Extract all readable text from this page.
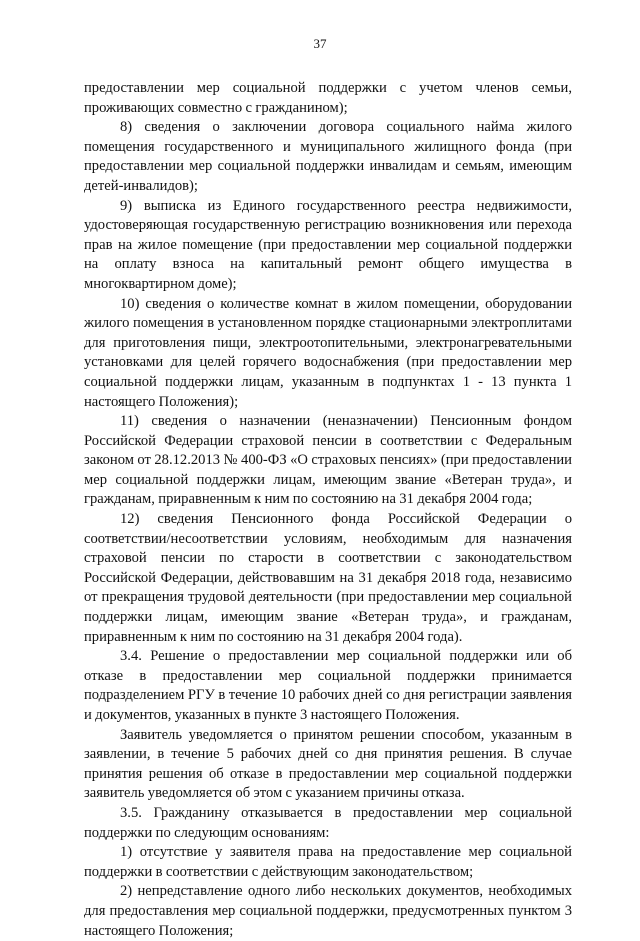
37

предоставлении мер социальной поддержки с учетом членов семьи, проживающих совместно с гражданином);

8) сведения о заключении договора социального найма жилого помещения государственного и муниципального жилищного фонда (при предоставлении мер социальной поддержки инвалидам и семьям, имеющим детей-инвалидов);

9) выписка из Единого государственного реестра недвижимости, удостоверяющая государственную регистрацию возникновения или перехода прав на жилое помещение (при предоставлении мер социальной поддержки на оплату взноса на капитальный ремонт общего имущества в многоквартирном доме);

10) сведения о количестве комнат в жилом помещении, оборудовании жилого помещения в установленном порядке стационарными электроплитами для приготовления пищи, электроотопительными, электронагревательными установками для целей горячего водоснабжения (при предоставлении мер социальной поддержки лицам, указанным в подпунктах 1 - 13 пункта 1 настоящего Положения);

11) сведения о назначении (неназначении) Пенсионным фондом Российской Федерации страховой пенсии в соответствии с Федеральным законом от 28.12.2013 № 400-ФЗ «О страховых пенсиях» (при предоставлении мер социальной поддержки лицам, имеющим звание «Ветеран труда», и гражданам, приравненным к ним по состоянию на 31 декабря 2004 года;

12) сведения Пенсионного фонда Российской Федерации о соответствии/несоответствии условиям, необходимым для назначения страховой пенсии по старости в соответствии с законодательством Российской Федерации, действовавшим на 31 декабря 2018 года, независимо от прекращения трудовой деятельности (при предоставлении мер социальной поддержки лицам, имеющим звание «Ветеран труда», и гражданам, приравненным к ним по состоянию на 31 декабря 2004 года).

3.4. Решение о предоставлении мер социальной поддержки или об отказе в предоставлении мер социальной поддержки принимается подразделением РГУ в течение 10 рабочих дней со дня регистрации заявления и документов, указанных в пункте 3 настоящего Положения.

Заявитель уведомляется о принятом решении способом, указанным в заявлении, в течение 5 рабочих дней со дня принятия решения. В случае принятия решения об отказе в предоставлении мер социальной поддержки заявитель уведомляется об этом с указанием причины отказа.

3.5. Гражданину отказывается в предоставлении мер социальной поддержки по следующим основаниям:

1) отсутствие у заявителя права на предоставление мер социальной поддержки в соответствии с действующим законодательством;

2) непредставление одного либо нескольких документов, необходимых для предоставления мер социальной поддержки, предусмотренных пунктом 3 настоящего Положения;
